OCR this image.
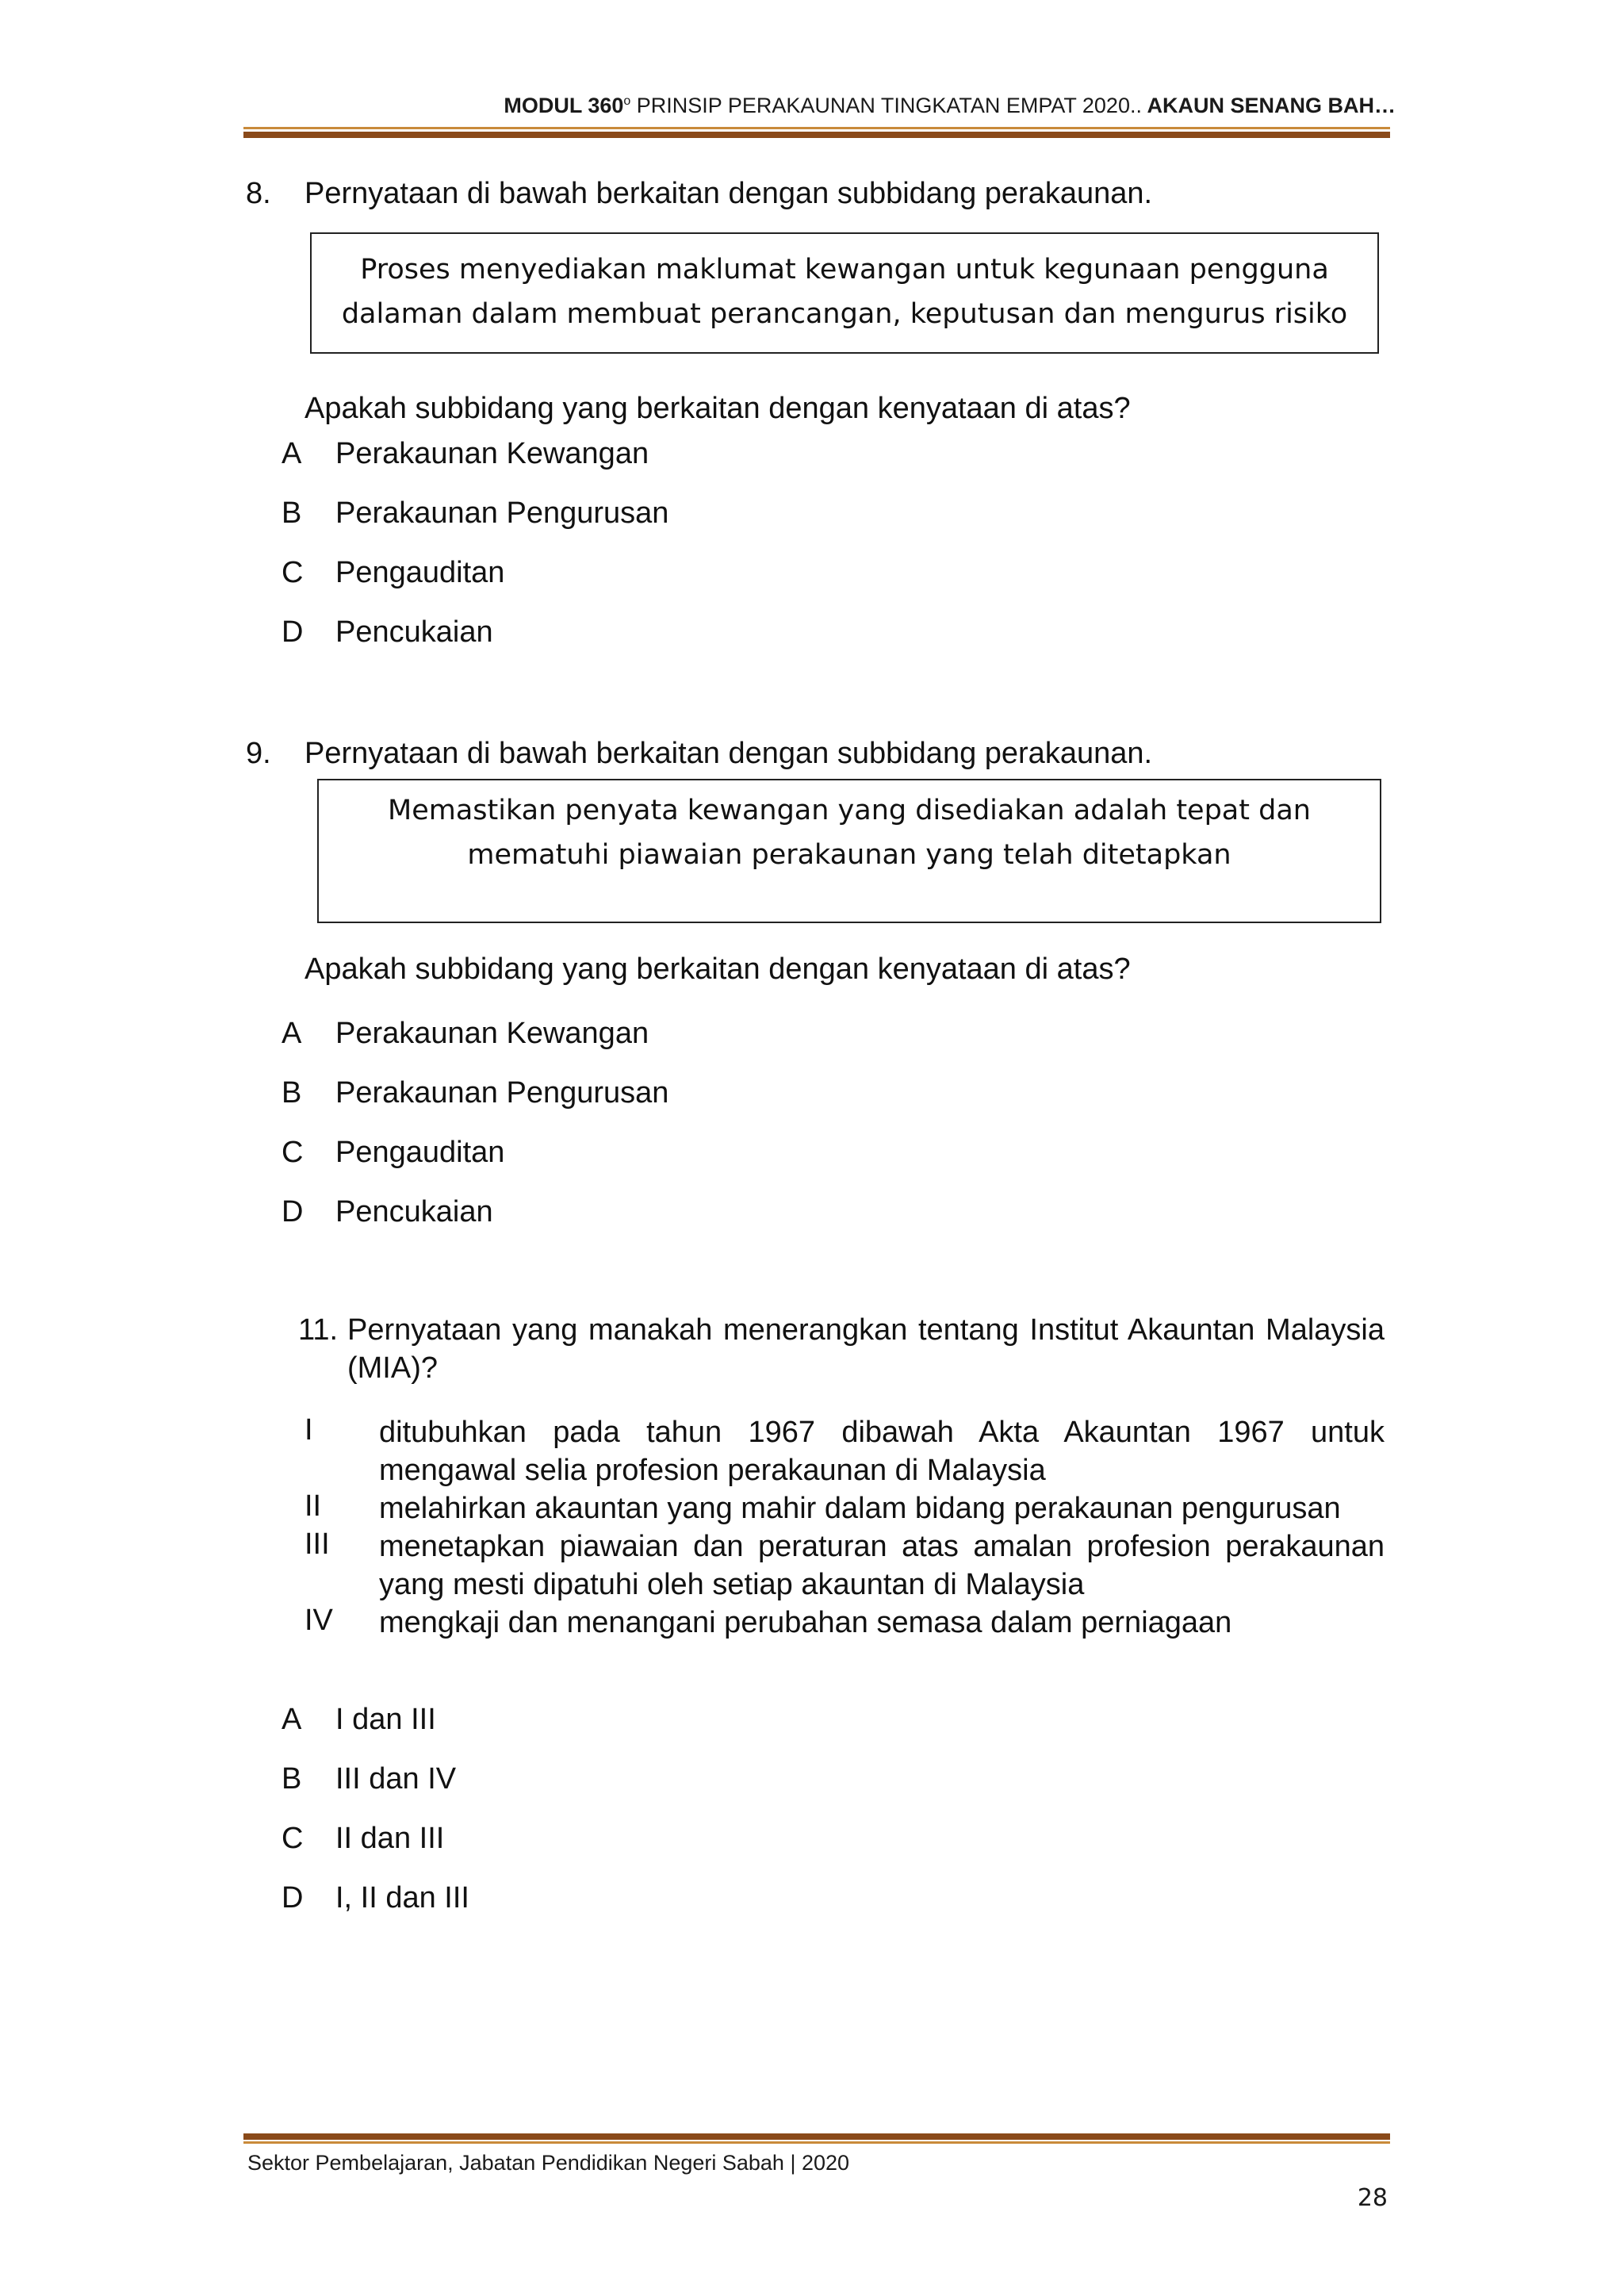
MODUL 360$^o$ PRINSIP PERAKAUNAN TINGKATAN EMPAT 2020.. AKAUN SENANG BAH…
8. Pernyataan di bawah berkaitan dengan subbidang perakaunan.
Proses menyediakan maklumat kewangan untuk kegunaan pengguna
dalaman dalam membuat perancangan, keputusan dan mengurus risiko
Apakah subbidang yang berkaitan dengan kenyataan di atas?
A Perakaunan Kewangan
B Perakaunan Pengurusan
C Pengauditan
D Pencukaian
9. Pernyataan di bawah berkaitan dengan subbidang perakaunan.
Memastikan penyata kewangan yang disediakan adalah tepat dan
mematuhi piawaian perakaunan yang telah ditetapkan
Apakah subbidang yang berkaitan dengan kenyataan di atas?
A Perakaunan Kewangan
B Perakaunan Pengurusan
C Pengauditan
D Pencukaian
11. Pernyataan yang manakah menerangkan tentang Institut Akauntan Malaysia
(MIA)?
I ditubuhkan pada tahun 1967 dibawah Akta Akauntan 1967 untuk
mengawal selia profesion perakaunan di Malaysia
II melahirkan akauntan yang mahir dalam bidang perakaunan pengurusan
III menetapkan piawaian dan peraturan atas amalan profesion perakaunan
yang mesti dipatuhi oleh setiap akauntan di Malaysia
IV mengkaji dan menangani perubahan semasa dalam perniagaan
A I dan III
B III dan IV
C II dan III
D I, II dan III
Sektor Pembelajaran, Jabatan Pendidikan Negeri Sabah | 2020
28
